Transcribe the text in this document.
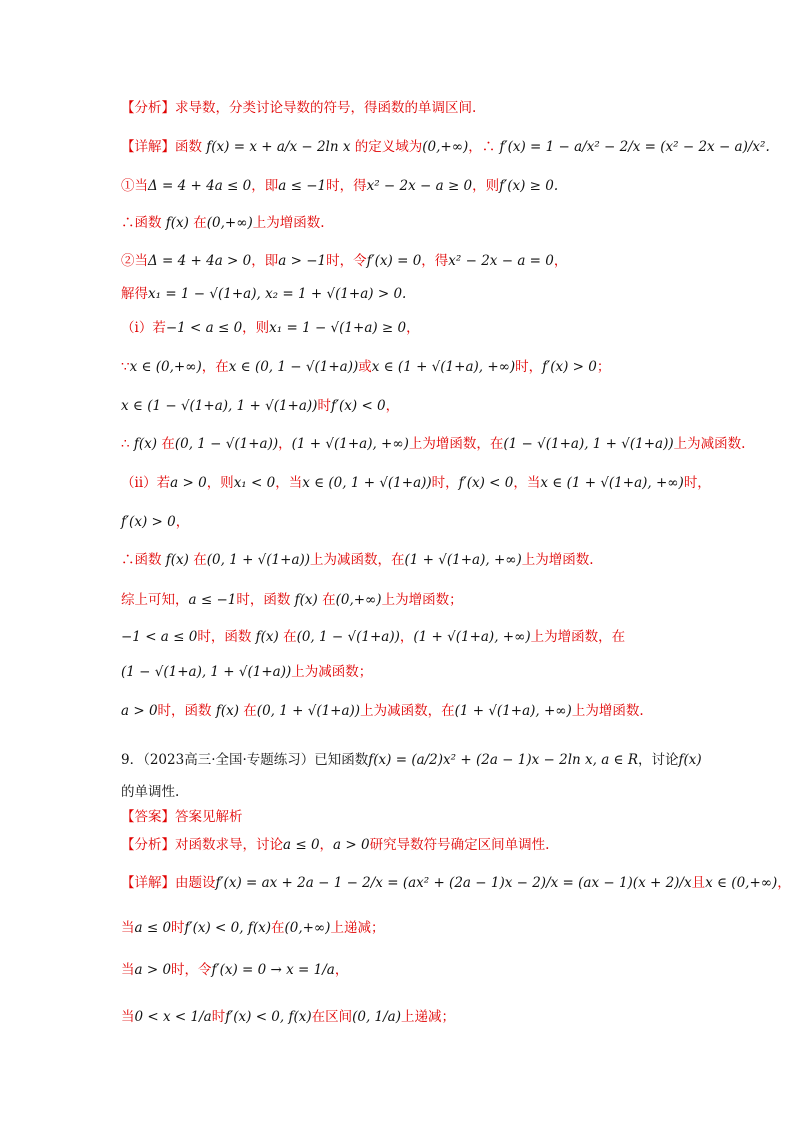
【分析】求导数，分类讨论导数的符号，得函数的单调区间.
【详解】函数 f(x) = x + a/x − 2ln x 的定义域为(0,+∞)，∴ f′(x) = 1 − a/x² − 2/x = (x² − 2x − a)/x².
①当Δ = 4 + 4a ≤ 0，即a ≤ −1时，得x² − 2x − a ≥ 0，则f′(x) ≥ 0.
∴函数 f(x) 在(0,+∞)上为增函数.
②当Δ = 4 + 4a > 0，即a > −1时，令f′(x) = 0，得x² − 2x − a = 0，
解得x₁ = 1 − √(1+a), x₂ = 1 + √(1+a) > 0.
（ⅰ）若−1 < a ≤ 0，则x₁ = 1 − √(1+a) ≥ 0，
∵x ∈ (0,+∞)，在x ∈ (0, 1 − √(1+a))或x ∈ (1 + √(1+a), +∞)时，f′(x) > 0；
x ∈ (1 − √(1+a), 1 + √(1+a))时f′(x) < 0，
∴ f(x) 在(0, 1 − √(1+a))，(1 + √(1+a), +∞)上为增函数，在(1 − √(1+a), 1 + √(1+a))上为减函数.
（ⅱ）若a > 0，则x₁ < 0，当x ∈ (0, 1 + √(1+a))时，f′(x) < 0，当x ∈ (1 + √(1+a), +∞)时，
f′(x) > 0，
∴函数 f(x) 在(0, 1 + √(1+a))上为减函数，在(1 + √(1+a), +∞)上为增函数.
综上可知，a ≤ −1时，函数 f(x) 在(0,+∞)上为增函数；
−1 < a ≤ 0时，函数 f(x) 在(0, 1 − √(1+a))，(1 + √(1+a), +∞)上为增函数，在
(1 − √(1+a), 1 + √(1+a))上为减函数；
a > 0时，函数 f(x) 在(0, 1 + √(1+a))上为减函数，在(1 + √(1+a), +∞)上为增函数.
9．（2023高三·全国·专题练习）已知函数f(x) = (a/2)x² + (2a − 1)x − 2ln x, a ∈ R，讨论f(x)
的单调性.
【答案】答案见解析
【分析】对函数求导，讨论a ≤ 0，a > 0研究导数符号确定区间单调性.
【详解】由题设f′(x) = ax + 2a − 1 − 2/x = (ax² + (2a − 1)x − 2)/x = (ax − 1)(x + 2)/x且x ∈ (0,+∞)，
当a ≤ 0时f′(x) < 0, f(x)在(0,+∞)上递减；
当a > 0时，令f′(x) = 0 → x = 1/a，
当0 < x < 1/a时f′(x) < 0, f(x)在区间(0, 1/a)上递减；
